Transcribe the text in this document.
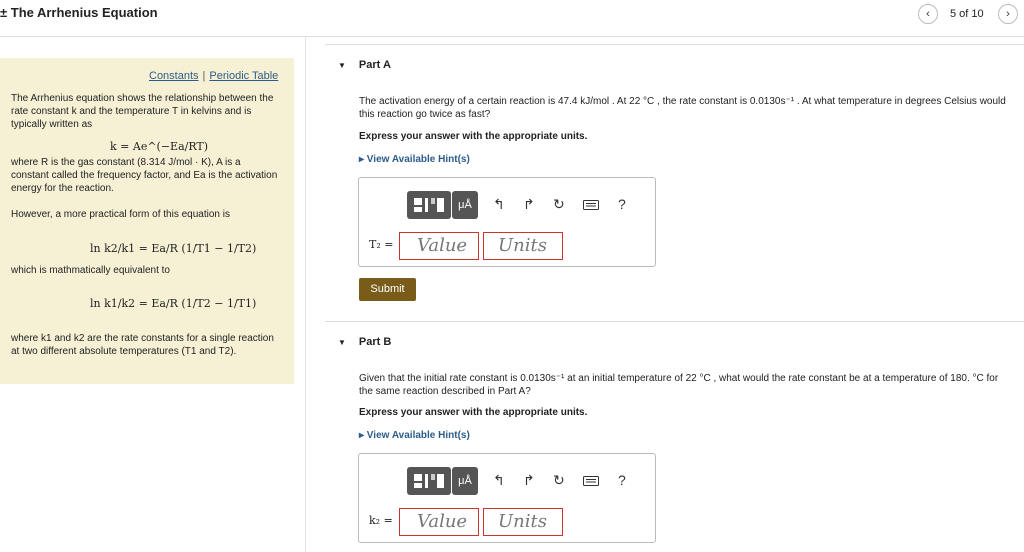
± The Arrhenius Equation	‹	5 of 10	›
Constants | Periodic Table
The Arrhenius equation shows the relationship between the rate constant k and the temperature T in kelvins and is typically written as
k = Ae^(−Ea/RT)
where R is the gas constant (8.314 J/mol · K), A is a constant called the frequency factor, and Ea is the activation energy for the reaction.
However, a more practical form of this equation is
ln k2/k1 = Ea/R (1/T1 − 1/T2)
which is mathmatically equivalent to
ln k1/k2 = Ea/R (1/T2 − 1/T1)
where k1 and k2 are the rate constants for a single reaction at two different absolute temperatures (T1 and T2).
▼ Part A
The activation energy of a certain reaction is 47.4 kJ/mol . At 22 °C , the rate constant is 0.0130s⁻¹ . At what temperature in degrees Celsius would this reaction go twice as fast?
Express your answer with the appropriate units.
▸ View Available Hint(s)
μÅ	↰ ↱ ↻	?
T₂ =	Value	Units
Submit
▼ Part B
Given that the initial rate constant is 0.0130s⁻¹ at an initial temperature of 22 °C , what would the rate constant be at a temperature of 180. °C for the same reaction described in Part A?
Express your answer with the appropriate units.
▸ View Available Hint(s)
μÅ	↰ ↱ ↻	?
k₂ =	Value	Units
